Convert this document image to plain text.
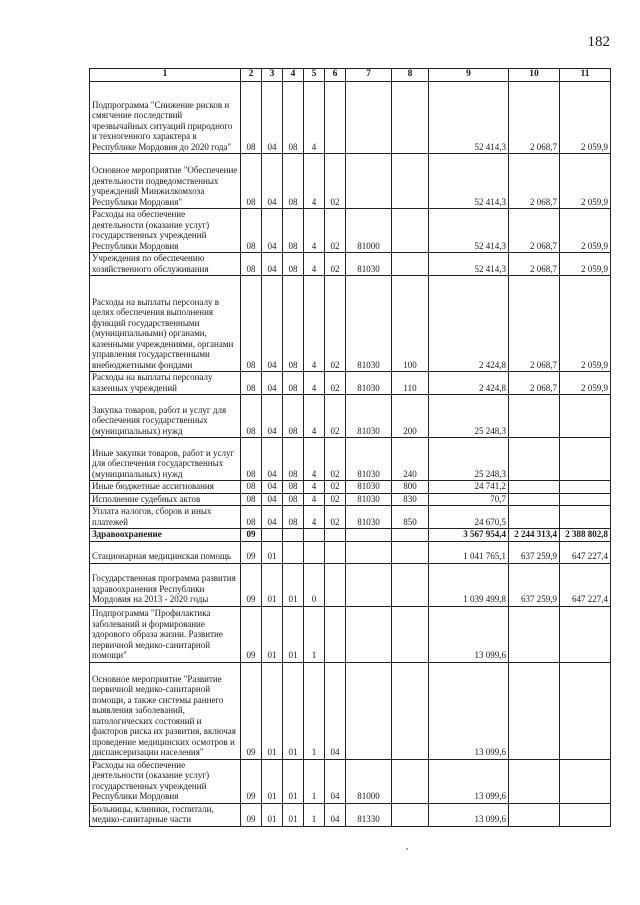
182
1	2	3	4	5	6	7	8	9	10	11
Подпрограмма "Снижение рисков и смягчение последствий чрезвычайных ситуаций природного и техногенного характера в Республике Мордовия до 2020 года"	08	04	08	4				52 414,3	2 068,7	2 059,9
Основное мероприятие "Обеспечение деятельности подведомственных учреждений Минжилкомхоза Республики Мордовия"	08	04	08	4	02			52 414,3	2 068,7	2 059,9
Расходы на обеспечение деятельности (оказание услуг) государственных учреждений Республики Мордовия	08	04	08	4	02	81000		52 414,3	2 068,7	2 059,9
Учреждения по обеспечению хозяйственного обслуживания	08	04	08	4	02	81030		52 414,3	2 068,7	2 059,9
Расходы на выплаты персоналу в целях обеспечения выполнения функций государственными (муниципальными) органами, казенными учреждениями, органами управления государственными внебюджетными фондами	08	04	08	4	02	81030	100	2 424,8	2 068,7	2 059,9
Расходы на выплаты персоналу казенных учреждений	08	04	08	4	02	81030	110	2 424,8	2 068,7	2 059,9
Закупка товаров, работ и услуг для обеспечения государственных (муниципальных) нужд	08	04	08	4	02	81030	200	25 248,3		
Иные закупки товаров, работ и услуг для обеспечения государственных (муниципальных) нужд	08	04	08	4	02	81030	240	25 248,3		
Иные бюджетные ассигнования	08	04	08	4	02	81030	800	24 741,2		
Исполнение судебных актов	08	04	08	4	02	81030	830	70,7		
Уплата налогов, сборов и иных платежей	08	04	08	4	02	81030	850	24 670,5		
Здравоохранение	09							3 567 954,4	2 244 313,4	2 388 802,8
Стационарная медицинская помощь	09	01						1 041 765,1	637 259,9	647 227,4
Государственная программа развития здравоохранения Республики Мордовия на 2013 - 2020 годы	09	01	01	0				1 039 499,8	637 259,9	647 227,4
Подпрограмма "Профилактика заболеваний и формирование здорового образа жизни. Развитие первичной медико-санитарной помощи"	09	01	01	1				13 099,6		
Основное мероприятие "Развитие первичной медико-санитарной помощи, а также системы раннего выявления заболеваний, патологических состояний и факторов риска их развития, включая проведение медицинских осмотров и диспансеризации населения"	09	01	01	1	04			13 099,6		
Расходы на обеспечение деятельности (оказание услуг) государственных учреждений Республики Мордовия	09	01	01	1	04	81000		13 099,6		
Больницы, клиники, госпитали, медико-санитарные части	09	01	01	1	04	81330		13 099,6		
